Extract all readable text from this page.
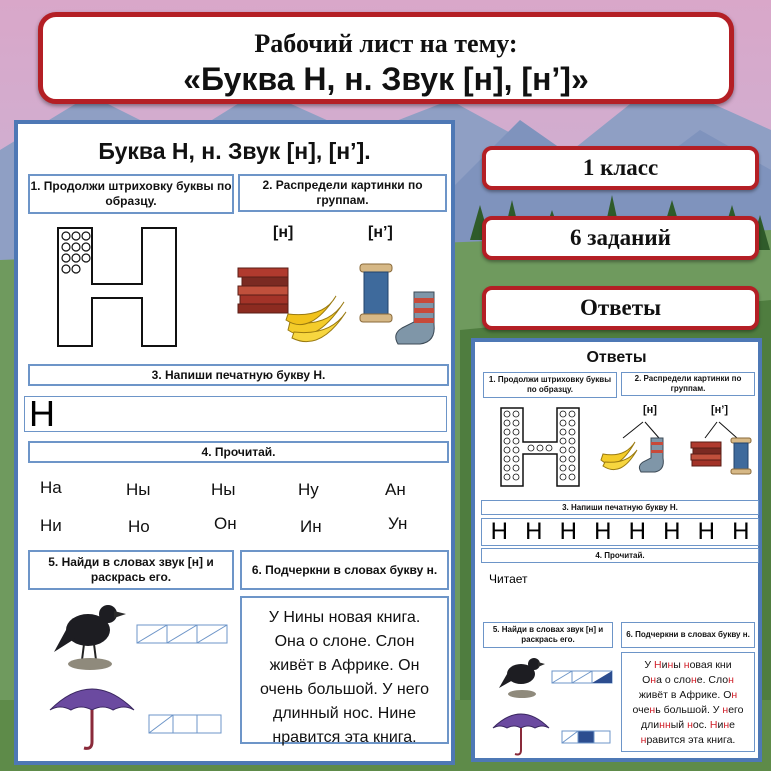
Рабочий лист на тему:
«Буква Н, н. Звук [н], [н’]»
Буква Н, н. Звук [н], [н’].
1. Продолжи штриховку буквы по образцу.
2. Распредели картинки по группам.
[н]	[н’]
3. Напиши печатную букву Н.
Н
4. Прочитай.
На	Ны	Ны	Ну	Ан
Ни	Но	Он	Ин	Ун
5. Найди в словах звук [н] и раскрась его.
6. Подчеркни в словах букву н.
У Нины новая книга.
Она о слоне. Слон
живёт в Африке. Он
очень большой. У него
длинный нос. Нине
нравится эта книга.
1 класс
6 заданий
Ответы
Ответы
1. Продолжи штриховку буквы по образцу.
2. Распредели картинки по группам.
[н]	[н’]
3. Напиши печатную букву Н.
Н Н Н Н Н Н Н Н
4. Прочитай.
Читает
5. Найди в словах звук [н] и раскрась его.
6. Подчеркни в словах букву н.
У Нины новая кни
Она о слоне. Слон
живёт в Африке. Он
очень большой. У него
длинный нос. Нине
нравится эта книга.
